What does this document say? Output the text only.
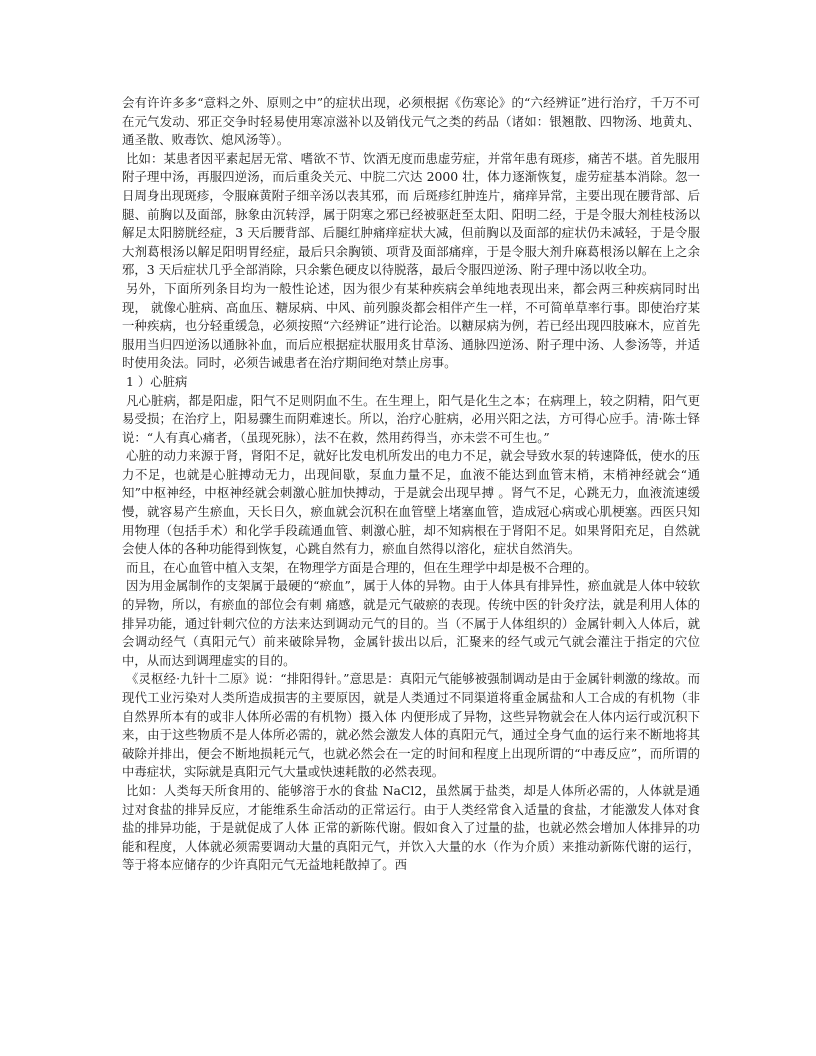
会有许许多多“意料之外、原则之中”的症状出现，必须根据《伤寒论》的“六经辨证”进行治疗，千万不可在元气发动、邪正交争时轻易使用寒凉滋补以及销伐元气之类的药品（诸如：银翘散、四物汤、地黄丸、通圣散、败毒饮、熄风汤等）。

比如：某患者因平素起居无常、嗜欲不节、饮酒无度而患虚劳症，并常年患有斑疹，痛苦不堪。首先服用附子理中汤，再服四逆汤，而后重灸关元、中脘二穴达 2000 壮，体力逐渐恢复，虚劳症基本消除。忽一日周身出现斑疹，令服麻黄附子细辛汤以表其邪，而 后斑疹红肿连片，痛痒异常，主要出现在腰背部、后腿、前胸以及面部，脉象由沉转浮，属于阴寒之邪已经被驱赶至太阳、阳明二经，于是令服大剂桂枝汤以解足太阳膀胱经症，3 天后腰背部、后腿红肿痛痒症状大减，但前胸以及面部的症状仍未减轻，于是令服大剂葛根汤以解足阳明胃经症，最后只余胸锁、项背及面部痛痒，于是令服大剂升麻葛根汤以解在上之余邪，3 天后症状几乎全部消除，只余紫色硬皮以待脱落，最后令服四逆汤、附子理中汤以收全功。

另外，下面所列条目均为一般性论述，因为很少有某种疾病会单纯地表现出来，都会两三种疾病同时出现， 就像心脏病、高血压、糖尿病、中风、前列腺炎都会相伴产生一样，不可简单草率行事。即使治疗某一种疾病，也分轻重缓急，必须按照“六经辨证”进行论治。以糖尿病为例，若已经出现四肢麻木，应首先服用当归四逆汤以通脉补血，而后应根据症状服用炙甘草汤、通脉四逆汤、附子理中汤、人参汤等，并适时使用灸法。同时，必须告诫患者在治疗期间绝对禁止房事。

1 ）心脏病

凡心脏病，都是阳虚，阳气不足则阴血不生。在生理上，阳气是化生之本；在病理上，较之阴精，阳气更易受损；在治疗上，阳易骤生而阴难速长。所以，治疗心脏病，必用兴阳之法，方可得心应手。清·陈士铎说：“人有真心痛者，（虽现死脉），法不在救，然用药得当，亦未尝不可生也。”

心脏的动力来源于肾，肾阳不足，就好比发电机所发出的电力不足，就会导致水泵的转速降低，使水的压力不足，也就是心脏搏动无力，出现间歇，泵血力量不足，血液不能达到血管末梢，末梢神经就会“通知”中枢神经，中枢神经就会刺激心脏加快搏动，于是就会出现早搏 。肾气不足，心跳无力，血液流速缓慢，就容易产生瘀血，天长日久，瘀血就会沉积在血管壁上堵塞血管，造成冠心病或心肌梗塞。西医只知用物理（包括手术）和化学手段疏通血管、刺激心脏，却不知病根在于肾阳不足。如果肾阳充足，自然就会使人体的各种功能得到恢复，心跳自然有力，瘀血自然得以溶化，症状自然消失。

而且，在心血管中植入支架，在物理学方面是合理的，但在生理学中却是极不合理的。

因为用金属制作的支架属于最硬的“瘀血”，属于人体的异物。由于人体具有排异性，瘀血就是人体中较软的异物，所以，有瘀血的部位会有刺 痛感，就是元气破瘀的表现。传统中医的针灸疗法，就是利用人体的排异功能，通过针刺穴位的方法来达到调动元气的目的。当（不属于人体组织的）金属针刺入人体后，就会调动经气（真阳元气）前来破除异物，金属针拔出以后，汇聚来的经气或元气就会灌注于指定的穴位中，从而达到调理虚实的目的。

《灵枢经·九针十二原》说：“排阳得针。”意思是：真阳元气能够被强制调动是由于金属针刺激的缘故。而现代工业污染对人类所造成损害的主要原因，就是人类通过不同渠道将重金属盐和人工合成的有机物（非自然界所本有的或非人体所必需的有机物）摄入体 内便形成了异物，这些异物就会在人体内运行或沉积下来，由于这些物质不是人体所必需的，就必然会激发人体的真阳元气，通过全身气血的运行来不断地将其破除并排出，便会不断地损耗元气，也就必然会在一定的时间和程度上出现所谓的“中毒反应”，而所谓的中毒症状，实际就是真阳元气大量或快速耗散的必然表现。

比如：人类每天所食用的、能够溶于水的食盐 NaCl2，虽然属于盐类，却是人体所必需的，人体就是通过对食盐的排异反应，才能维系生命活动的正常运行。由于人类经常食入适量的食盐，才能激发人体对食盐的排异功能，于是就促成了人体 正常的新陈代谢。假如食入了过量的盐，也就必然会增加人体排异的功能和程度，人体就必须需要调动大量的真阳元气，并饮入大量的水（作为介质）来推动新陈代谢的运行，等于将本应储存的少许真阳元气无益地耗散掉了。西
